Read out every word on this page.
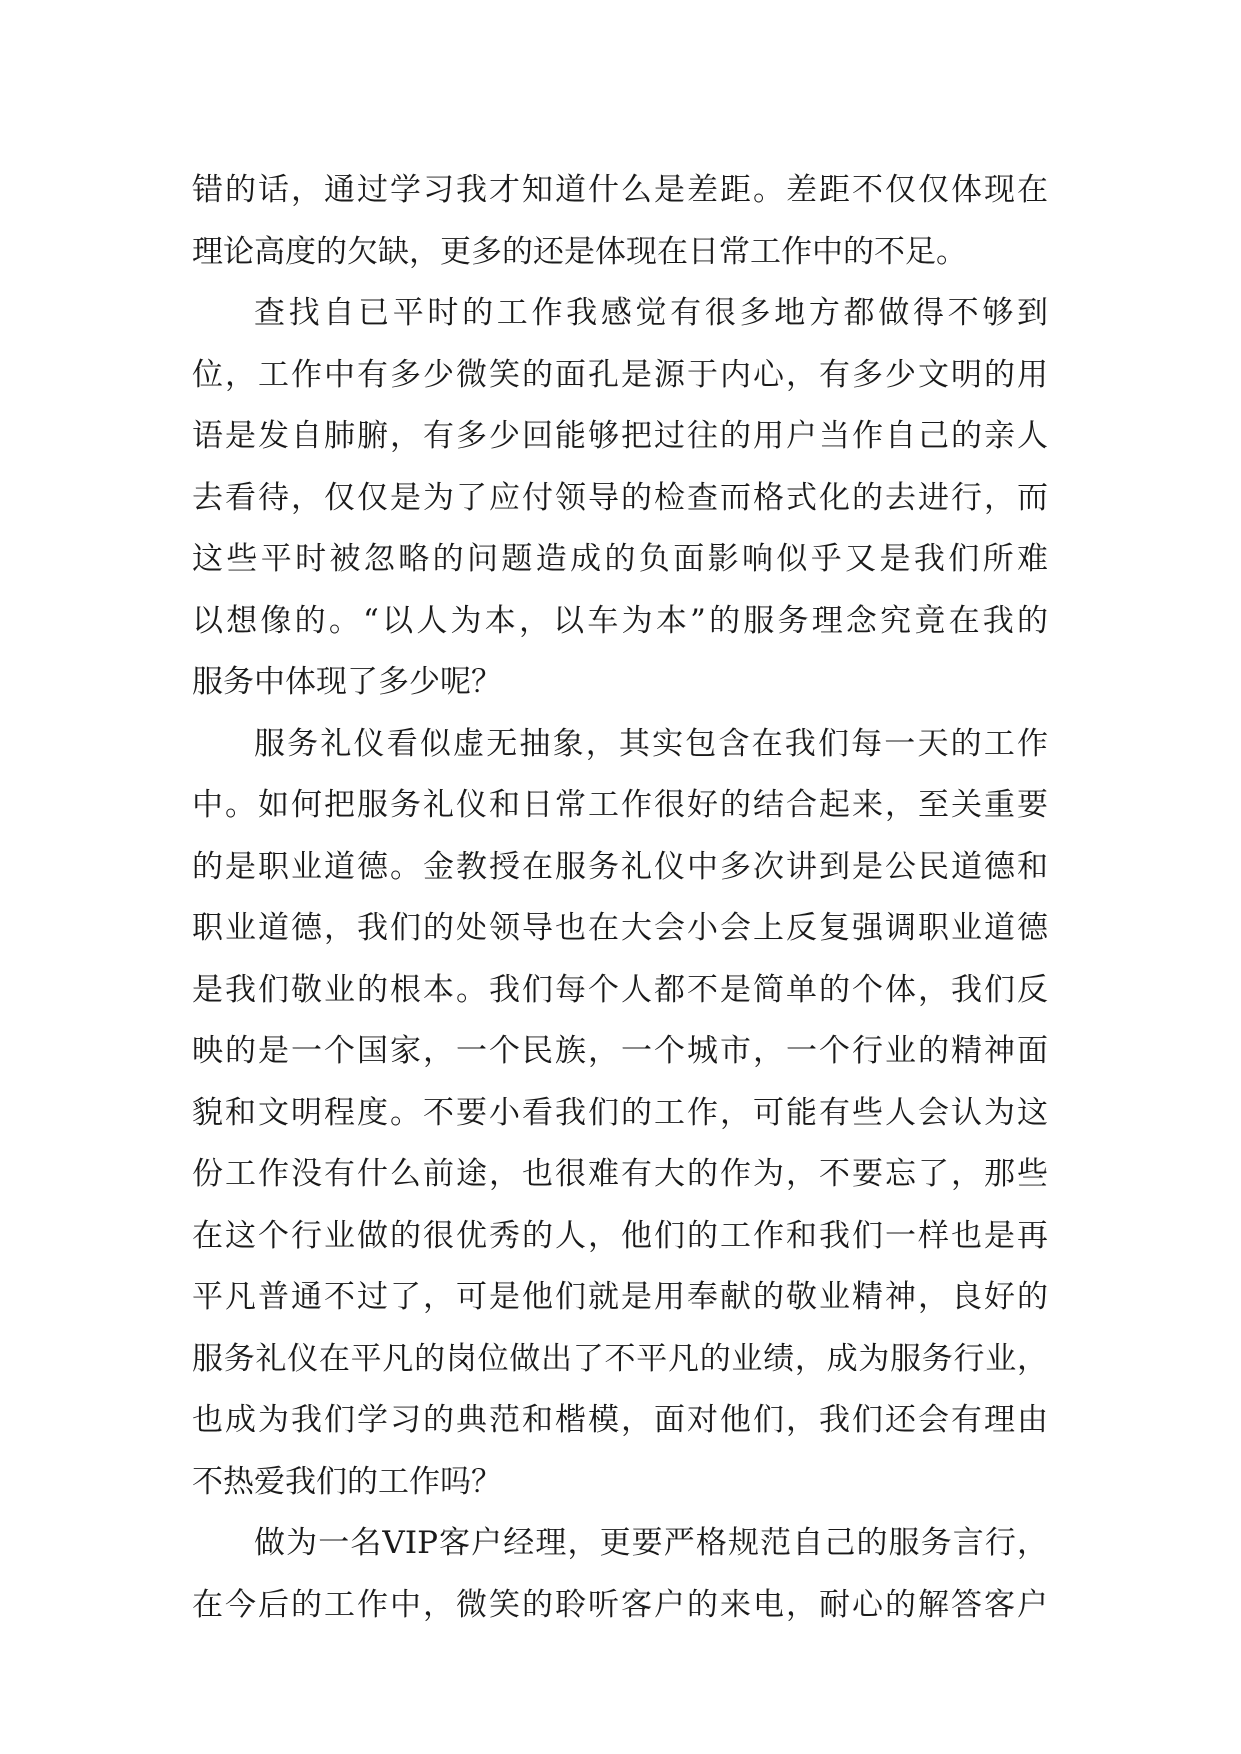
错的话，通过学习我才知道什么是差距。差距不仅仅体现在
理论高度的欠缺，更多的还是体现在日常工作中的不足。
查找自已平时的工作我感觉有很多地方都做得不够到
位，工作中有多少微笑的面孔是源于内心，有多少文明的用
语是发自肺腑，有多少回能够把过往的用户当作自己的亲人
去看待，仅仅是为了应付领导的检查而格式化的去进行，而
这些平时被忽略的问题造成的负面影响似乎又是我们所难
以想像的。“以人为本，以车为本”的服务理念究竟在我的
服务中体现了多少呢？
服务礼仪看似虚无抽象，其实包含在我们每一天的工作
中。如何把服务礼仪和日常工作很好的结合起来，至关重要
的是职业道德。金教授在服务礼仪中多次讲到是公民道德和
职业道德，我们的处领导也在大会小会上反复强调职业道德
是我们敬业的根本。我们每个人都不是简单的个体，我们反
映的是一个国家，一个民族，一个城市，一个行业的精神面
貌和文明程度。不要小看我们的工作，可能有些人会认为这
份工作没有什么前途，也很难有大的作为，不要忘了，那些
在这个行业做的很优秀的人，他们的工作和我们一样也是再
平凡普通不过了，可是他们就是用奉献的敬业精神，良好的
服务礼仪在平凡的岗位做出了不平凡的业绩，成为服务行业，
也成为我们学习的典范和楷模，面对他们，我们还会有理由
不热爱我们的工作吗？
做为一名VIP客户经理，更要严格规范自己的服务言行，
在今后的工作中，微笑的聆听客户的来电，耐心的解答客户
